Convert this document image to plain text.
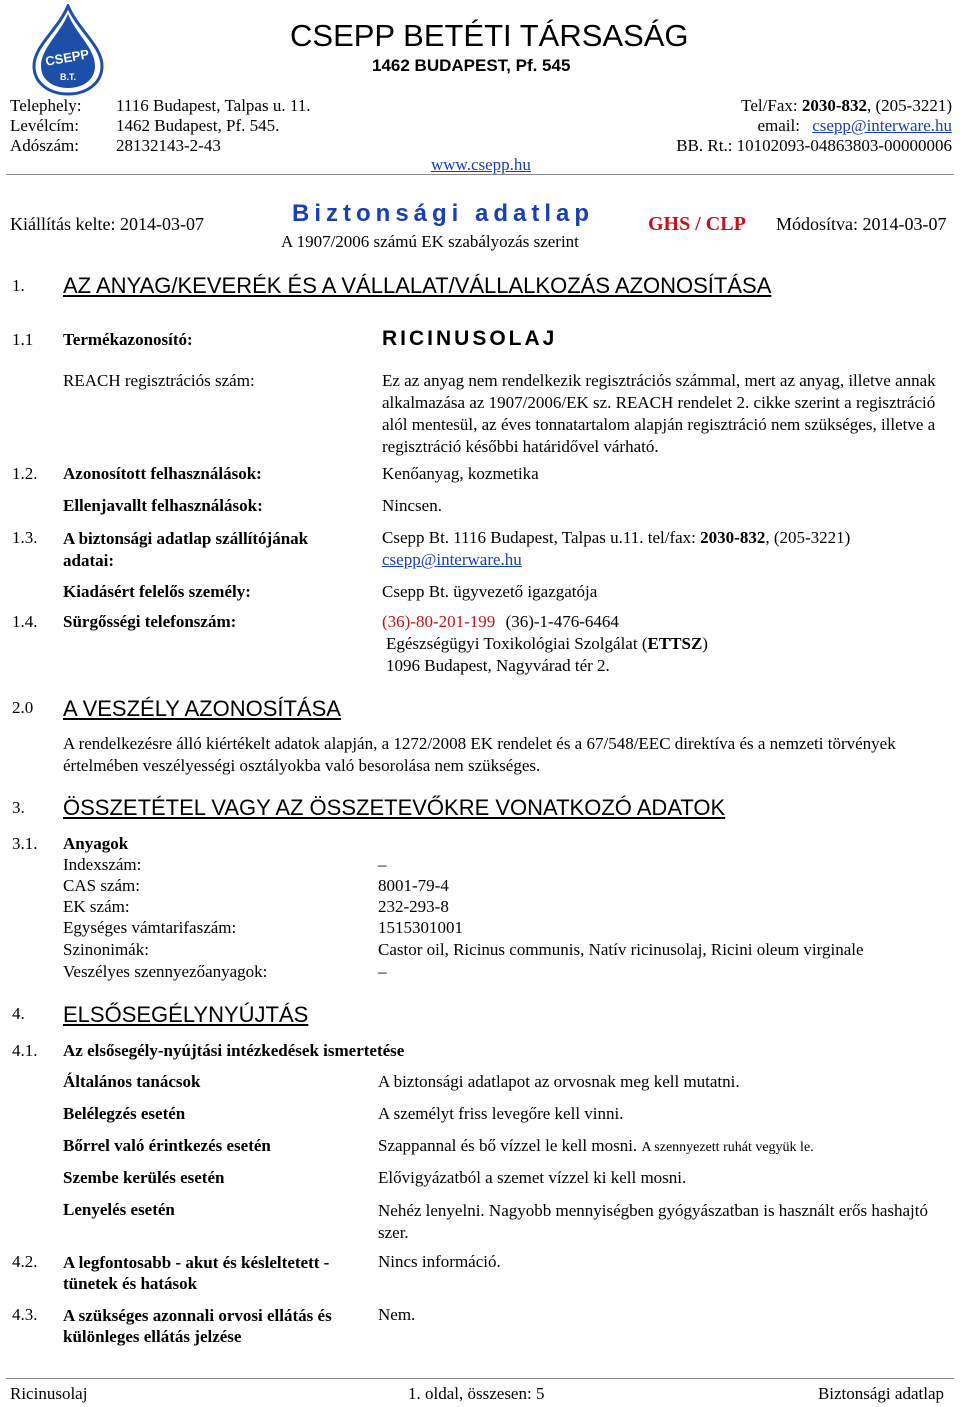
CSEPP
B.T.
CSEPP BETÉTI TÁRSASÁG
1462 BUDAPEST, Pf. 545
Telephely: 1116 Budapest, Talpas u. 11.
Levélcím: 1462 Budapest, Pf. 545.
Adószám: 28132143-2-43
Tel/Fax: 2030-832, (205-3221)
email: csepp@interware.hu
BB. Rt.: 10102093-04863803-00000006
www.csepp.hu
Kiállítás kelte: 2014-03-07	Biztonsági adatlap
A 1907/2006 számú EK szabályozás szerint
GHS / CLP Módosítva: 2014-03-07
1. AZ ANYAG/KEVERÉK ÉS A VÁLLALAT/VÁLLALKOZÁS AZONOSÍTÁSA
1.1 Termékazonosító:	RICINUSOLAJ
REACH regisztrációs szám:	Ez az anyag nem rendelkezik regisztrációs számmal, mert az anyag, illetve annak alkalmazása az 1907/2006/EK sz. REACH rendelet 2. cikke szerint a regisztráció alól mentesül, az éves tonnatartalom alapján regisztráció nem szükséges, illetve a regisztráció későbbi határidővel várható.
1.2. Azonosított felhasználások:	Kenőanyag, kozmetika
Ellenjavallt felhasználások:	Nincsen.
1.3. A biztonsági adatlap szállítójának adatai:
Csepp Bt. 1116 Budapest, Talpas u.11. tel/fax: 2030-832, (205-3221)
csepp@interware.hu
Kiadásért felelős személy:	Csepp Bt. ügyvezető igazgatója
1.4. Sürgősségi telefonszám:	(36)-80-201-199 (36)-1-476-6464
Egészségügyi Toxikológiai Szolgálat (ETTSZ)
1096 Budapest, Nagyvárad tér 2.
2.0 A VESZÉLY AZONOSÍTÁSA
A rendelkezésre álló kiértékelt adatok alapján, a 1272/2008 EK rendelet és a 67/548/EEC direktíva és a nemzeti törvények értelmében veszélyességi osztályokba való besorolása nem szükséges.
3. ÖSSZETÉTEL VAGY AZ ÖSSZETEVŐKRE VONATKOZÓ ADATOK
3.1. Anyagok
Indexszám:	–
CAS szám:	8001-79-4
EK szám:	232-293-8
Egységes vámtarifaszám:	1515301001
Szinonimák:	Castor oil, Ricinus communis, Natív ricinusolaj, Ricini oleum virginale
Veszélyes szennyezőanyagok:	–
4. ELSŐSEGÉLYNYÚJTÁS
4.1. Az elsősegély-nyújtási intézkedések ismertetése
Általános tanácsok	A biztonsági adatlapot az orvosnak meg kell mutatni.
Belélegzés esetén	A személyt friss levegőre kell vinni.
Bőrrel való érintkezés esetén	Szappannal és bő vízzel le kell mosni. A szennyezett ruhát vegyük le.
Szembe kerülés esetén	Elővigyázatból a szemet vízzel ki kell mosni.
Lenyelés esetén	Nehéz lenyelni. Nagyobb mennyiségben gyógyászatban is használt erős hashajtó szer.
4.2. A legfontosabb - akut és késleltetett - tünetek és hatások
Nincs információ.
4.3. A szükséges azonnali orvosi ellátás és különleges ellátás jelzése
Nem.
Ricinusolaj	1. oldal, összesen: 5	Biztonsági adatlap
